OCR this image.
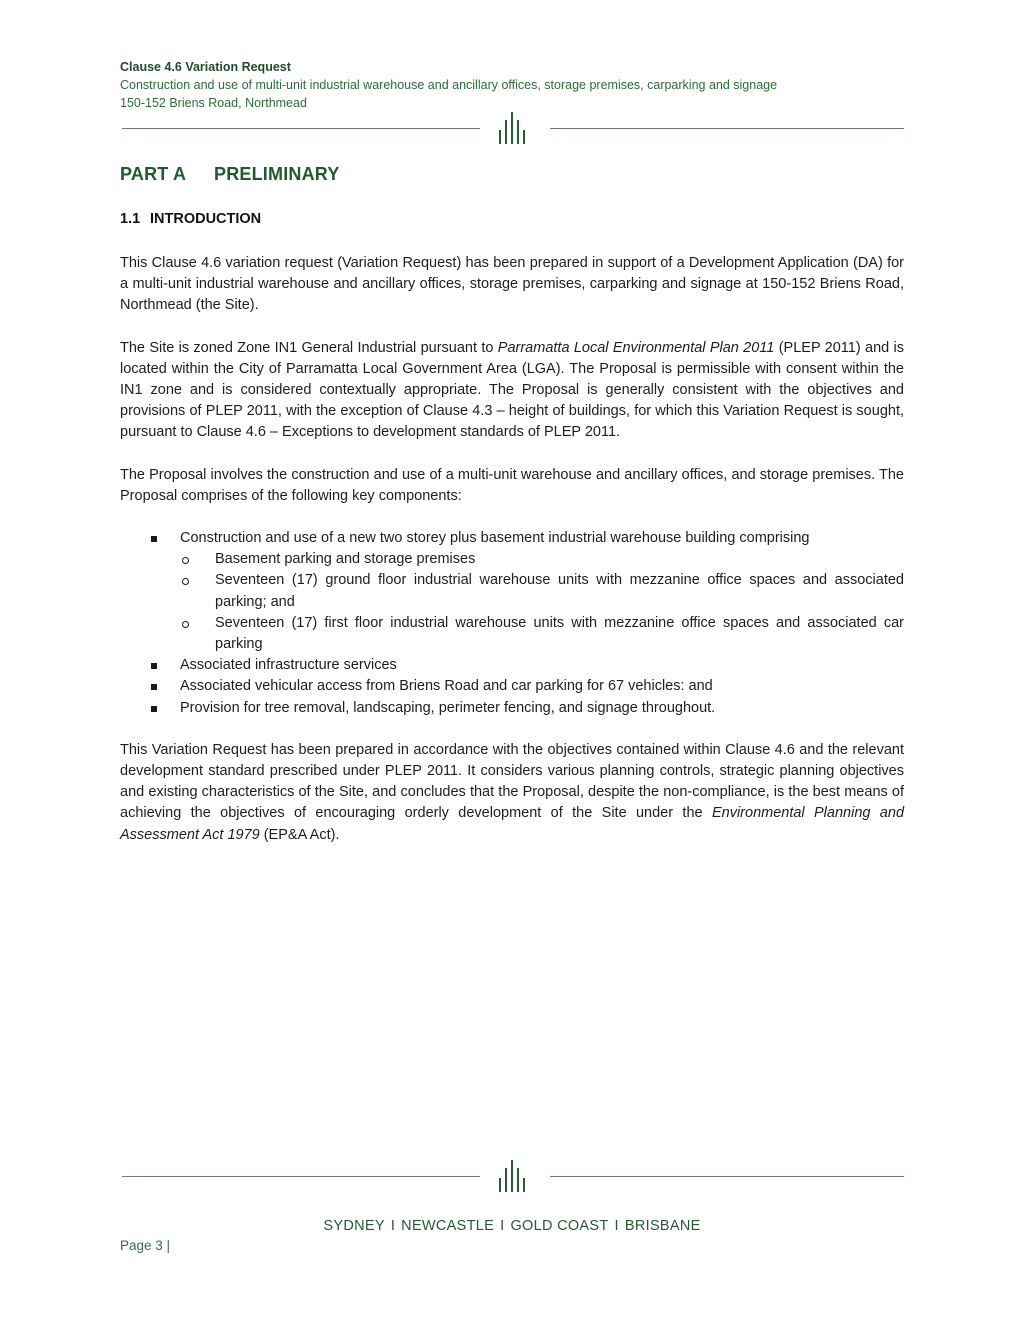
Clause 4.6 Variation Request
Construction and use of multi-unit industrial warehouse and ancillary offices, storage premises, carparking and signage
150-152 Briens Road, Northmead
PART A PRELIMINARY
1.1 INTRODUCTION

This Clause 4.6 variation request (Variation Request) has been prepared in support of a Development Application (DA) for a multi-unit industrial warehouse and ancillary offices, storage premises, carparking and signage at 150-152 Briens Road, Northmead (the Site).

The Site is zoned Zone IN1 General Industrial pursuant to Parramatta Local Environmental Plan 2011 (PLEP 2011) and is located within the City of Parramatta Local Government Area (LGA). The Proposal is permissible with consent within the IN1 zone and is considered contextually appropriate. The Proposal is generally consistent with the objectives and provisions of PLEP 2011, with the exception of Clause 4.3 – height of buildings, for which this Variation Request is sought, pursuant to Clause 4.6 – Exceptions to development standards of PLEP 2011.

The Proposal involves the construction and use of a multi-unit warehouse and ancillary offices, and storage premises. The Proposal comprises of the following key components:

Construction and use of a new two storey plus basement industrial warehouse building comprising
Basement parking and storage premises
Seventeen (17) ground floor industrial warehouse units with mezzanine office spaces and associated parking; and
Seventeen (17) first floor industrial warehouse units with mezzanine office spaces and associated car parking
Associated infrastructure services
Associated vehicular access from Briens Road and car parking for 67 vehicles: and
Provision for tree removal, landscaping, perimeter fencing, and signage throughout.

This Variation Request has been prepared in accordance with the objectives contained within Clause 4.6 and the relevant development standard prescribed under PLEP 2011. It considers various planning controls, strategic planning objectives and existing characteristics of the Site, and concludes that the Proposal, despite the non-compliance, is the best means of achieving the objectives of encouraging orderly development of the Site under the Environmental Planning and Assessment Act 1979 (EP&A Act).

SYDNEY I NEWCASTLE I GOLD COAST I BRISBANE
Page 3 |
